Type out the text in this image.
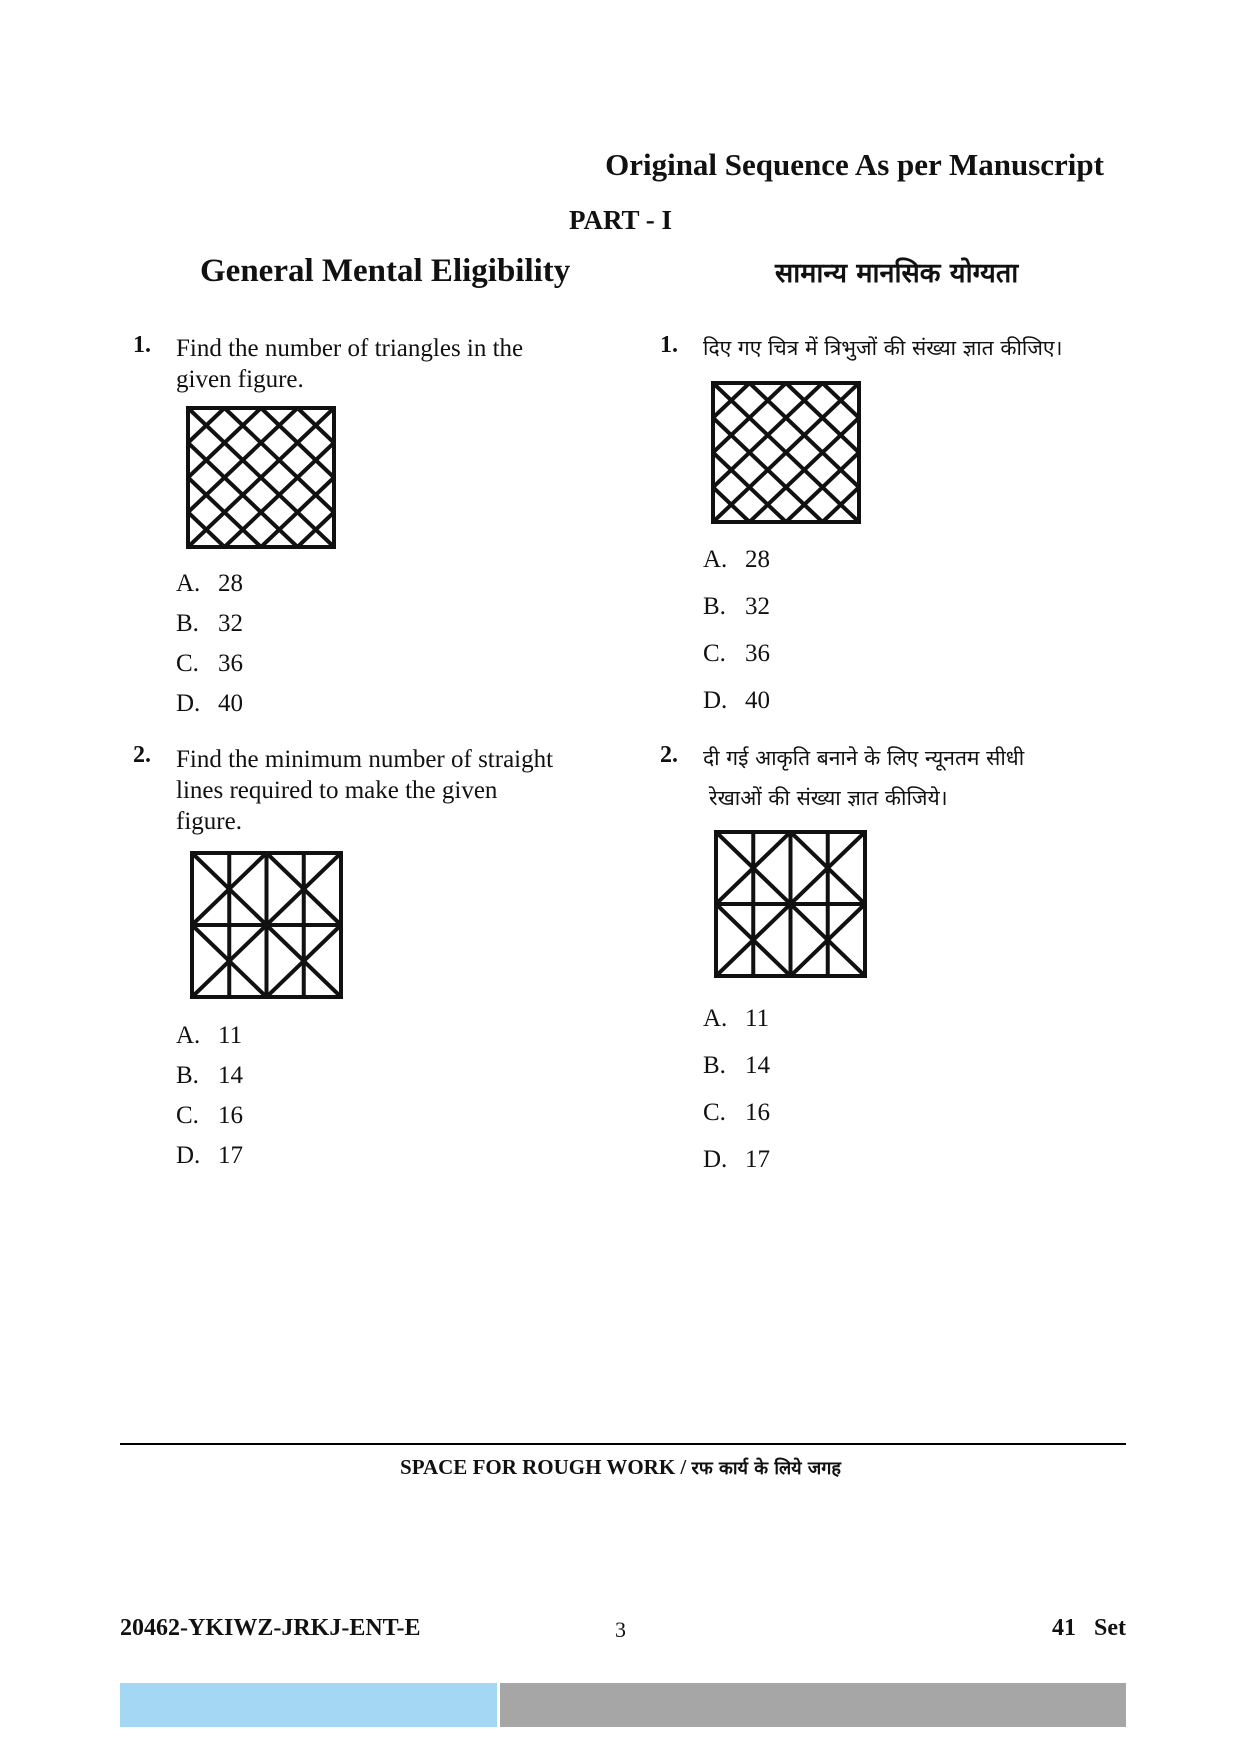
Original Sequence As per Manuscript
PART - I
General Mental Eligibility	सामान्य मानसिक योग्यता
1. Find the number of triangles in the
given figure.
A. 28
B. 32
C. 36
D. 40
2. Find the minimum number of straight
lines required to make the given
figure.
A. 11
B. 14
C. 16
D. 17
1. दिए गए चित्र में त्रिभुजों की संख्या ज्ञात कीजिए।
A. 28
B. 32
C. 36
D. 40
2. दी गई आकृति बनाने के लिए न्यूनतम सीधी
रेखाओं की संख्या ज्ञात कीजिये।
A. 11
B. 14
C. 16
D. 17
SPACE FOR ROUGH WORK / रफ कार्य के लिये जगह
20462-YKIWZ-JRKJ-ENT-E	3	41   Set
